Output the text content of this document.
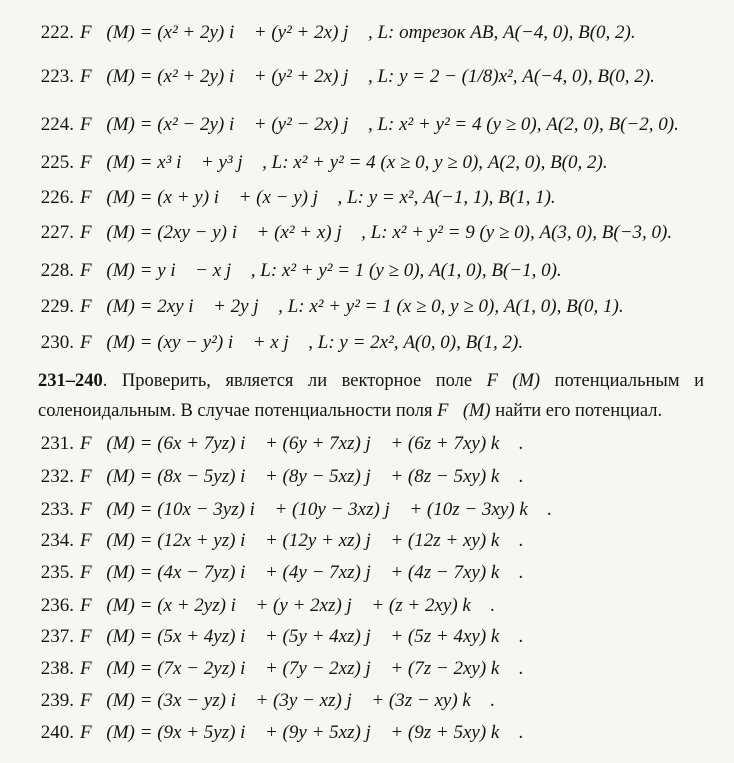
222. F⃗(M) = (x² + 2y) i⃗ + (y² + 2x) j⃗ ,
L: отрезок AB,
A(−4, 0), B(0, 2).
223. F⃗(M) = (x² + 2y) i⃗ + (y² + 2x) j⃗ ,
L: y = 2 − (1/8)x²,
A(−4, 0), B(0, 2).
224. F⃗(M) = (x² − 2y) i⃗ + (y² − 2x) j⃗ ,
L: x² + y² = 4 (y ≥ 0),
A(2, 0), B(−2, 0).
225. F⃗(M) = x³ i⃗ + y³ j⃗ ,
L: x² + y² = 4 (x ≥ 0, y ≥ 0),
A(2, 0), B(0, 2).
226. F⃗(M) = (x + y) i⃗ + (x − y) j⃗ ,
L: y = x²,
A(−1, 1), B(1, 1).
227. F⃗(M) = (2xy − y) i⃗ + (x² + x) j⃗ ,
L: x² + y² = 9 (y ≥ 0),
A(3, 0), B(−3, 0).
228. F⃗(M) = y i⃗ − x j⃗ ,
L: x² + y² = 1 (y ≥ 0),
A(1, 0), B(−1, 0).
229. F⃗(M) = 2xy i⃗ + 2y j⃗ ,
L: x² + y² = 1 (x ≥ 0, y ≥ 0),
A(1, 0), B(0, 1).
230. F⃗(M) = (xy − y²) i⃗ + x j⃗ ,
L: y = 2x²,
A(0, 0), B(1, 2).
231–240. Проверить, является ли векторное поле F⃗(M) потенциальным и соленоидальным. В случае потенциальности поля F⃗(M) найти его потенциал.
231. F⃗(M) = (6x + 7yz) i⃗ + (6y + 7xz) j⃗ + (6z + 7xy) k⃗ .
232. F⃗(M) = (8x − 5yz) i⃗ + (8y − 5xz) j⃗ + (8z − 5xy) k⃗ .
233. F⃗(M) = (10x − 3yz) i⃗ + (10y − 3xz) j⃗ + (10z − 3xy) k⃗ .
234. F⃗(M) = (12x + yz) i⃗ + (12y + xz) j⃗ + (12z + xy) k⃗ .
235. F⃗(M) = (4x − 7yz) i⃗ + (4y − 7xz) j⃗ + (4z − 7xy) k⃗ .
236. F⃗(M) = (x + 2yz) i⃗ + (y + 2xz) j⃗ + (z + 2xy) k⃗ .
237. F⃗(M) = (5x + 4yz) i⃗ + (5y + 4xz) j⃗ + (5z + 4xy) k⃗ .
238. F⃗(M) = (7x − 2yz) i⃗ + (7y − 2xz) j⃗ + (7z − 2xy) k⃗ .
239. F⃗(M) = (3x − yz) i⃗ + (3y − xz) j⃗ + (3z − xy) k⃗ .
240. F⃗(M) = (9x + 5yz) i⃗ + (9y + 5xz) j⃗ + (9z + 5xy) k⃗ .
